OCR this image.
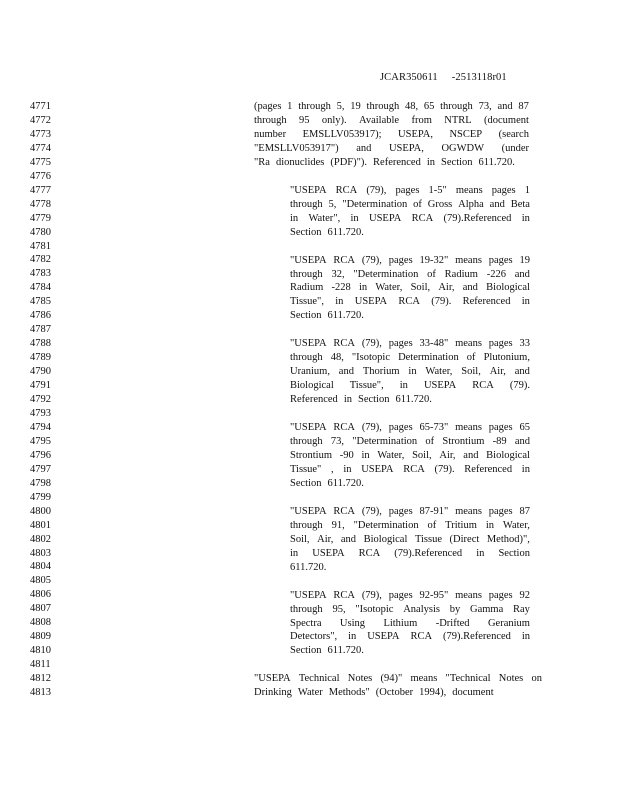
JCAR350611 -2513118r01
4771
4772
4773
4774
4775
4776
4777
4778
4779
4780
4781
4782
4783
4784
4785
4786
4787
4788
4789
4790
4791
4792
4793
4794
4795
4796
4797
4798
4799
4800
4801
4802
4803
4804
4805
4806
4807
4808
4809
4810
4811
4812
4813
(pages 1 through 5, 19 through 48, 65 through 73, and 87
through 95 only). Available from NTRL (document
number EMSLLV053917); USEPA, NSCEP (search
"EMSLLV053917") and USEPA, OGWDW (under
"Ra dionuclides (PDF)"). Referenced in Section 611.720.
"USEPA RCA (79), pages 1-5" means pages 1
through 5, "Determination of Gross Alpha and Beta
in Water", in USEPA RCA (79).Referenced in
Section 611.720.
"USEPA RCA (79), pages 19-32" means pages 19
through 32, "Determination of Radium -226 and
Radium -228 in Water, Soil, Air, and Biological
Tissue", in USEPA RCA (79). Referenced in
Section 611.720.
"USEPA RCA (79), pages 33-48" means pages 33
through 48, "Isotopic Determination of Plutonium,
Uranium, and Thorium in Water, Soil, Air, and
Biological Tissue", in USEPA RCA (79).
Referenced in Section 611.720.
"USEPA RCA (79), pages 65-73" means pages 65
through 73, "Determination of Strontium -89 and
Strontium -90 in Water, Soil, Air, and Biological
Tissue" , in USEPA RCA (79). Referenced in
Section 611.720.
"USEPA RCA (79), pages 87-91" means pages 87
through 91, "Determination of Tritium in Water,
Soil, Air, and Biological Tissue (Direct Method)",
in USEPA RCA (79).Referenced in Section
611.720.
"USEPA RCA (79), pages 92-95" means pages 92
through 95, "Isotopic Analysis by Gamma Ray
Spectra Using Lithium -Drifted Geranium
Detectors", in USEPA RCA (79).Referenced in
Section 611.720.
"USEPA Technical Notes (94)" means "Technical Notes on
Drinking Water Methods" (October 1994), document
